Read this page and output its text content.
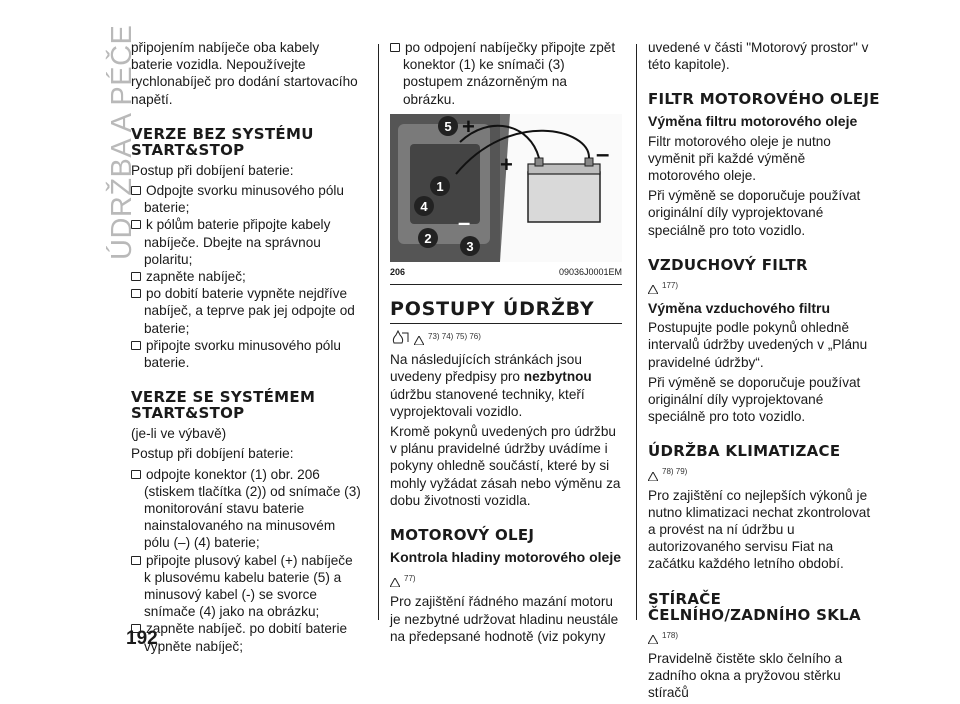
ÚDRŽBA A PÉČE

připojením nabíječe oba kabely baterie vozidla. Nepoužívejte rychlonabíječ pro dodání startovacího napětí.

VERZE BEZ SYSTÉMU START&STOP

Postup při dobíjení baterie:

Odpojte svorku minusového pólu baterie;

k pólům baterie připojte kabely nabíječe. Dbejte na správnou polaritu;

zapněte nabíječ;

po dobití baterie vypněte nejdříve nabíječ, a teprve pak jej odpojte od baterie;

připojte svorku minusového pólu baterie.

VERZE SE SYSTÉMEM START&STOP

(je-li ve výbavě)

Postup při dobíjení baterie:

odpojte konektor (1) obr. 206 (stiskem tlačítka (2)) od snímače (3) monitorování stavu baterie nainstalovaného na minusovém pólu (–) (4) baterie;

připojte plusový kabel (+) nabíječe k plusovému kabelu baterie (5) a minusový kabel (-) se svorce snímače (4) jako na obrázku;

zapněte nabíječ. po dobití baterie vypněte nabíječ;

po odpojení nabíječky připojte zpět konektor (1) ke snímači (3) postupem znázorněným na obrázku.

5
1
4
2
3
+
+	–
–
206	09036J0001EM
POSTUPY ÚDRŽBY
73) 74) 75) 76)

Na následujících stránkách jsou uvedeny předpisy pro nezbytnou údržbu stanovené techniky, kteří vyprojektovali vozidlo.

Kromě pokynů uvedených pro údržbu v plánu pravidelné údržby uvádíme i pokyny ohledně součástí, které by si mohly vyžádat zásah nebo výměnu za dobu životnosti vozidla.

MOTOROVÝ OLEJ
Kontrola hladiny motorového oleje
77)

Pro zajištění řádného mazání motoru je nezbytné udržovat hladinu neustále na předepsané hodnotě (viz pokyny

uvedené v části "Motorový prostor" v této kapitole).

FILTR MOTOROVÉHO OLEJE
Výměna filtru motorového oleje

Filtr motorového oleje je nutno vyměnit při každé výměně motorového oleje.

Při výměně se doporučuje používat originální díly vyprojektované speciálně pro toto vozidlo.

VZDUCHOVÝ FILTR
177)
Výměna vzduchového filtru

Postupujte podle pokynů ohledně intervalů údržby uvedených v „Plánu pravidelné údržby“.

Při výměně se doporučuje používat originální díly vyprojektované speciálně pro toto vozidlo.

ÚDRŽBA KLIMATIZACE
78) 79)

Pro zajištění co nejlepších výkonů je nutno klimatizaci nechat zkontrolovat a provést na ní údržbu u autorizovaného servisu Fiat na začátku každého letního období.

STÍRAČE ČELNÍHO/ZADNÍHO SKLA
178)

Pravidelně čistěte sklo čelního a zadního okna a pryžovou stěrku stíračů

192
